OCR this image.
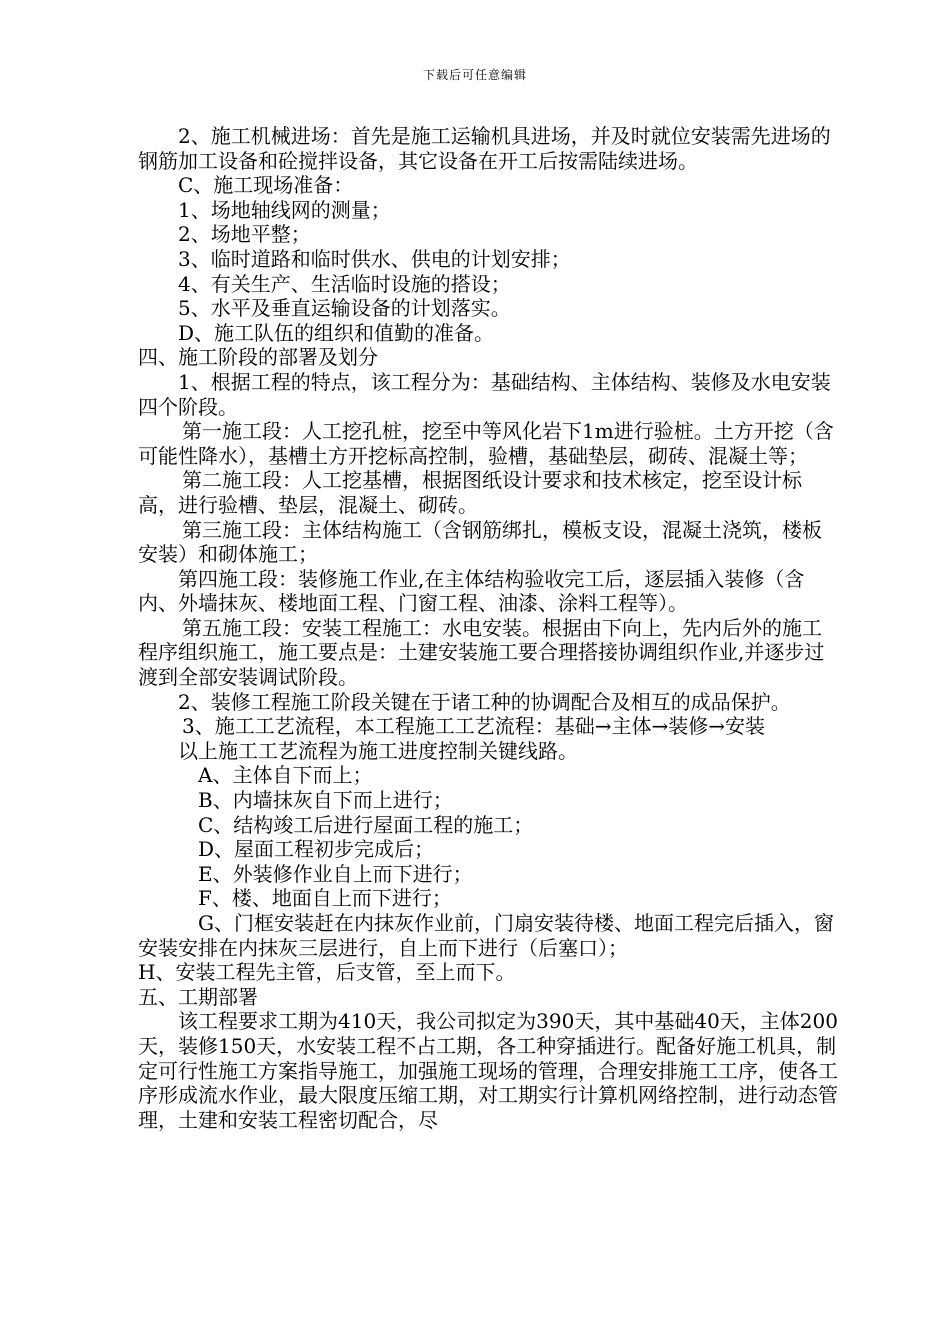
下载后可任意编辑

2、施工机械进场：首先是施工运输机具进场，并及时就位安装需先进场的钢筋加工设备和砼搅拌设备，其它设备在开工后按需陆续进场。

C、施工现场准备：

1、场地轴线网的测量；

2、场地平整；

3、临时道路和临时供水、供电的计划安排；

4、有关生产、生活临时设施的搭设；

5、水平及垂直运输设备的计划落实。

D、施工队伍的组织和值勤的准备。

四、施工阶段的部署及划分

1、根据工程的特点，该工程分为：基础结构、主体结构、装修及水电安装四个阶段。

第一施工段：人工挖孔桩，挖至中等风化岩下1m进行验桩。土方开挖（含可能性降水），基槽土方开挖标高控制，验槽，基础垫层，砌砖、混凝土等；

第二施工段：人工挖基槽，根据图纸设计要求和技术核定，挖至设计标高，进行验槽、垫层，混凝土、砌砖。

第三施工段：主体结构施工（含钢筋绑扎，模板支设，混凝土浇筑，楼板安装）和砌体施工；

第四施工段：装修施工作业,在主体结构验收完工后，逐层插入装修（含内、外墙抹灰、楼地面工程、门窗工程、油漆、涂料工程等）。

第五施工段：安装工程施工：水电安装。根据由下向上，先内后外的施工程序组织施工，施工要点是：土建安装施工要合理搭接协调组织作业,并逐步过渡到全部安装调试阶段。

2、装修工程施工阶段关键在于诸工种的协调配合及相互的成品保护。

3、施工工艺流程，本工程施工工艺流程：基础→主体→装修→安装

以上施工工艺流程为施工进度控制关键线路。

A、主体自下而上；

B、内墙抹灰自下而上进行；

C、结构竣工后进行屋面工程的施工；

D、屋面工程初步完成后；

E、外装修作业自上而下进行；

F、楼、地面自上而下进行；

G、门框安装赶在内抹灰作业前，门扇安装待楼、地面工程完后插入，窗安装安排在内抹灰三层进行，自上而下进行（后塞口）；

H、安装工程先主管，后支管，至上而下。

五、工期部署

该工程要求工期为410天，我公司拟定为390天，其中基础40天，主体200天，装修150天，水安装工程不占工期，各工种穿插进行。配备好施工机具，制定可行性施工方案指导施工，加强施工现场的管理，合理安排施工工序，使各工序形成流水作业，最大限度压缩工期，对工期实行计算机网络控制，进行动态管理，土建和安装工程密切配合，尽
